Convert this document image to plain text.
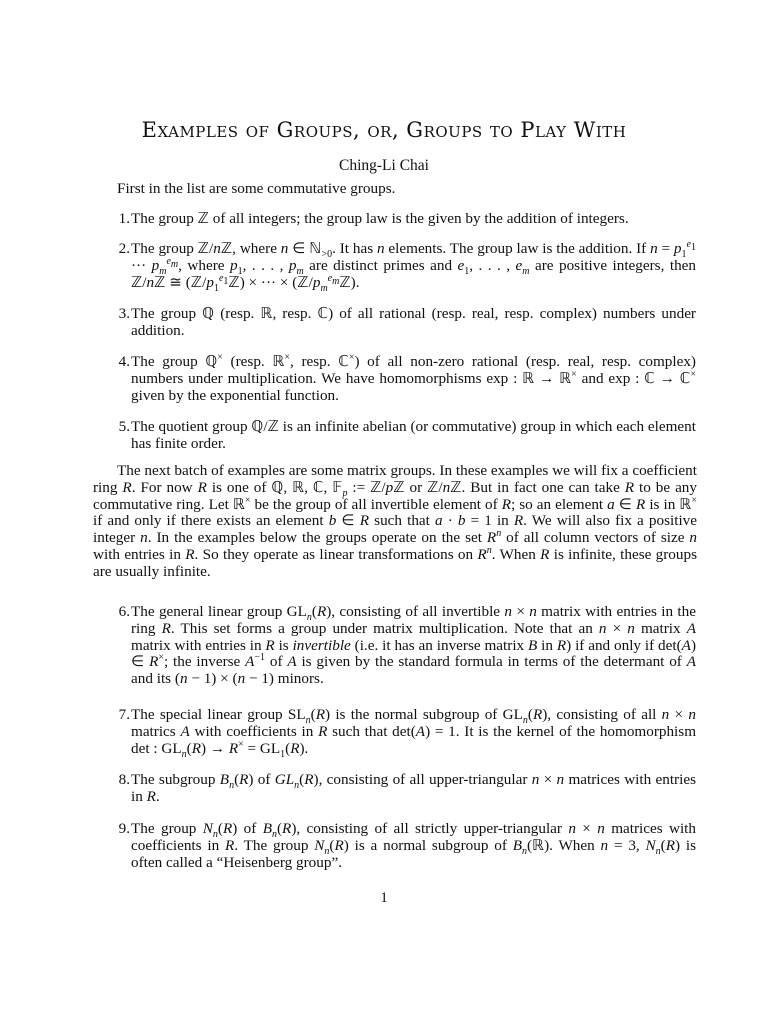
Examples of Groups, or, Groups to Play With
Ching-Li Chai
First in the list are some commutative groups.
1. The group ℤ of all integers; the group law is the given by the addition of integers.
2. The group ℤ/nℤ, where n ∈ ℕ$_{>0}$. It has n elements. The group law is the addition. If $n = p_1^{e_1}$ ··· $p_m^{e_m}$, where $p_1$, . . . , $p_m$ are distinct primes and $e_1$, . . . , $e_m$ are positive integers, then ℤ/nℤ ≅ $(ℤ/p_1^{e_1}ℤ)$ × ··· × $(ℤ/p_m^{e_m}ℤ)$.
3. The group ℚ (resp. ℝ, resp. ℂ) of all rational (resp. real, resp. complex) numbers under addition.
4. The group ℚ× (resp. ℝ×, resp. ℂ×) of all non-zero rational (resp. real, resp. complex) numbers under multiplication. We have homomorphisms exp : ℝ → ℝ× and exp : ℂ → ℂ× given by the exponential function.
5. The quotient group ℚ/ℤ is an infinite abelian (or commutative) group in which each element has finite order.
The next batch of examples are some matrix groups. In these examples we will fix a coefficient ring R. For now R is one of ℚ, ℝ, ℂ, 𝔽$_p$ := ℤ/pℤ or ℤ/nℤ. But in fact one can take R to be any commutative ring. Let ℝ× be the group of all invertible element of R; so an element a ∈ R is in ℝ× if and only if there exists an element b ∈ R such that a · b = 1 in R. We will also fix a positive integer n. In the examples below the groups operate on the set $R^n$ of all column vectors of size n with entries in R. So they operate as linear transformations on $R^n$. When R is infinite, these groups are usually infinite.
6. The general linear group $GL_n(R)$, consisting of all invertible n × n matrix with entries in the ring R. This set forms a group under matrix multiplication. Note that an n × n matrix A matrix with entries in R is invertible (i.e. it has an inverse matrix B in R) if and only if det(A) ∈ R×; the inverse $A^{-1}$ of A is given by the standard formula in terms of the determant of A and its (n − 1) × (n − 1) minors.
7. The special linear group $SL_n(R)$ is the normal subgroup of $GL_n(R)$, consisting of all n × n matrics A with coefficients in R such that det(A) = 1. It is the kernel of the homomorphism det : $GL_n(R) \to R^\times = GL_1(R)$.
8. The subgroup $B_n(R)$ of $GL_n(R)$, consisting of all upper-triangular n × n matrices with entries in R.
9. The group $N_n(R)$ of $B_n(R)$, consisting of all strictly upper-triangular n × n matrices with coefficients in R. The group $N_n(R)$ is a normal subgroup of $B_n(ℝ)$. When n = 3, $N_n(R)$ is often called a “Heisenberg group”.
1
